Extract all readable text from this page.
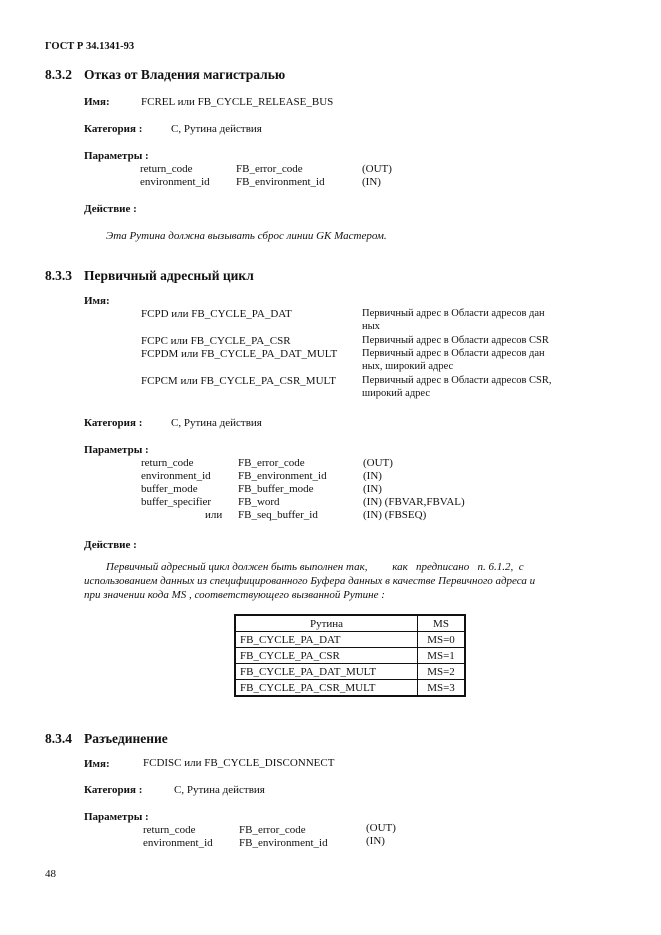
ГОСТ Р 34.1341-93
8.3.2 Отказ от Владения магистралью
Имя:	FCREL или FB_CYCLE_RELEASE_BUS
Категория :	С, Рутина действия
Параметры :
return_code	FB_error_code	(OUT)
environment_id FB_environment_id	(IN)
Действие :
Эта Рутина должна вызывать сброс линии GK Мастером.
8.3.3 Первичный адресный цикл
Имя:
FCPD или FB_CYCLE_PA_DAT	Первичный адрес в Области адресов дан
ных
FCPC или FB_CYCLE_PA_CSR	Первичный адрес в Области адресов CSR
FCPDM или FB_CYCLE_PA_DAT_MULT Первичный адрес в Области адресов дан
ных, широкий адрес
FCPCM или FB_CYCLE_PA_CSR_MULT Первичный адрес в Области адресов CSR,
широкий адрес
Категория :	С, Рутина действия
Параметры :
return_code	FB_error_code	(OUT)
environment_id FB_environment_id	(IN)
buffer_mode	FB_buffer_mode	(IN)
buffer_specifier FB_word	(IN) (FBVAR,FBVAL)
или FB_seq_buffer_id	(IN) (FBSEQ)
Действие :
Первичный адресный цикл должен быть выполнен так,         как   предписано   п. 6.1.2,  с
использованием данных из специфицированного Буфера данных в качестве Первичного адреса и
при значении кода MS , соответствующего вызванной Рутине :
Рутина	MS
FB_CYCLE_PA_DAT	MS=0
FB_CYCLE_PA_CSR	MS=1
FB_CYCLE_PA_DAT_MULT	MS=2
FB_CYCLE_PA_CSR_MULT	MS=3
8.3.4 Разъединение
Имя:	FCDISC или FB_CYCLE_DISCONNECT
Категория :	С, Рутина действия
Параметры :
return_code	FB_error_code	(OUT)
environment_id FB_environment_id	(IN)
48
